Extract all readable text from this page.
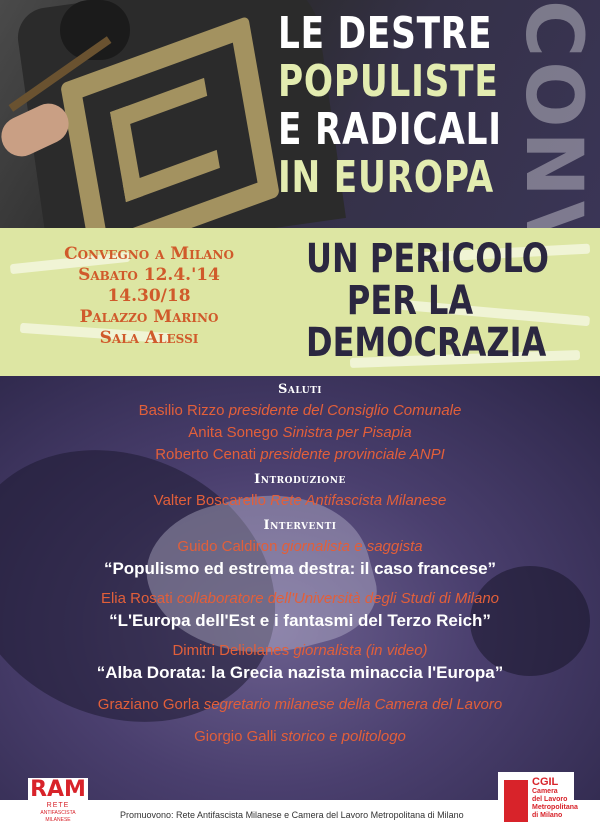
LE DESTRE
POPULISTE
E RADICALI
IN EUROPA
Convegno a Milano
Sabato 12.4.'14
14.30/18
Palazzo Marino
Sala Alessi
UN PERICOLO
PER LA
DEMOCRAZIA
Saluti
Basilio Rizzo presidente del Consiglio Comunale
Anita Sonego Sinistra per Pisapia
Roberto Cenati presidente provinciale ANPI
Introduzione
Valter Boscarello Rete Antifascista Milanese
Interventi
Guido Caldiron giornalista e saggista
“Populismo ed estrema destra: il caso francese”
Elia Rosati collaboratore dell'Università degli Studi di Milano
“L'Europa dell'Est e i fantasmi del Terzo Reich”
Dimitri Deliolanes giornalista (in video)
“Alba Dorata: la Grecia nazista minaccia l'Europa”
Graziano Gorla segretario milanese della Camera del Lavoro
Giorgio Galli storico e politologo
Promuovono: Rete Antifascista Milanese e Camera del Lavoro Metropolitana di Milano
RAM
RETE
ANTIFASCISTA MILANESE
CGIL
Camera
del Lavoro
Metropolitana
di Milano
